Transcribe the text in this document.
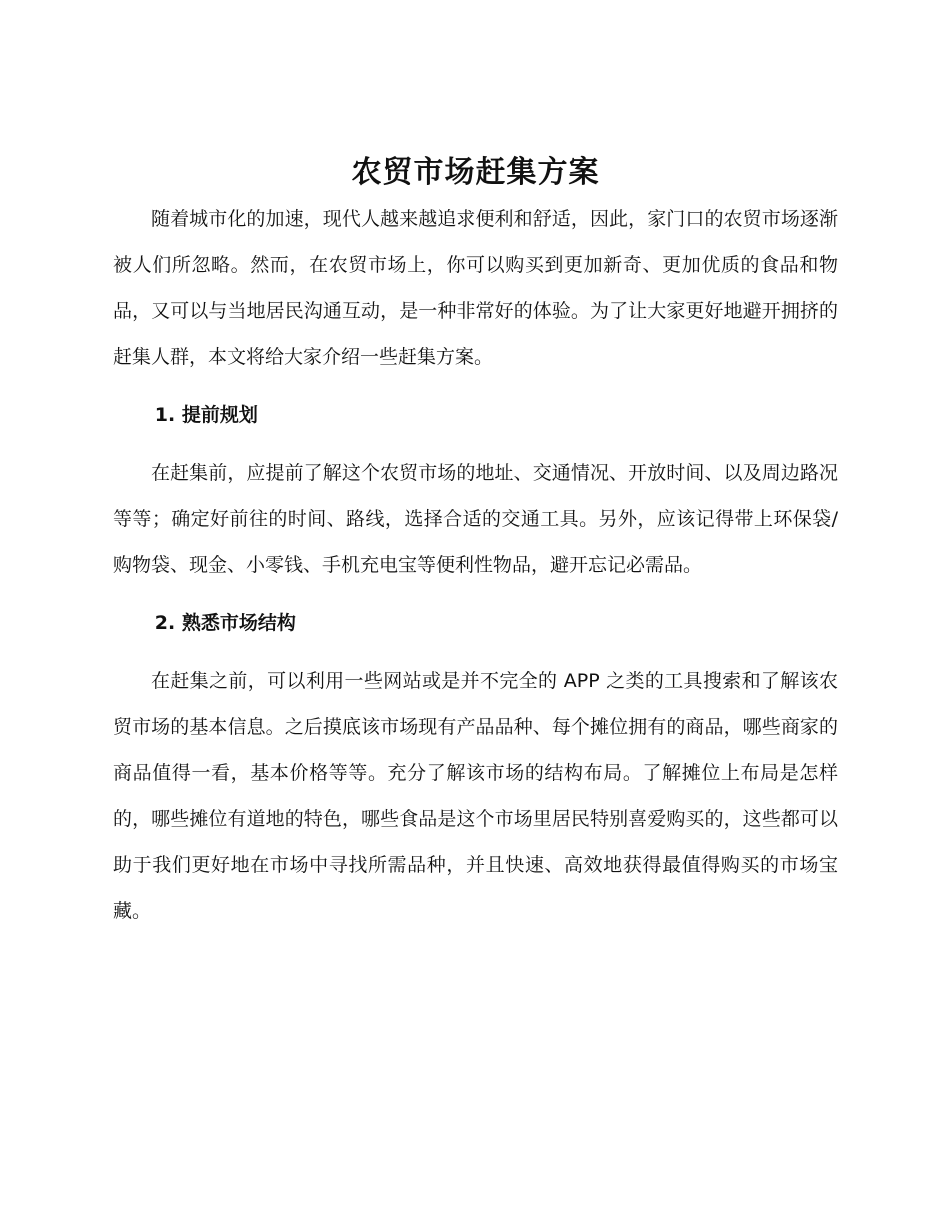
农贸市场赶集方案

随着城市化的加速，现代人越来越追求便利和舒适，因此，家门口的农贸市场逐渐被人们所忽略。然而，在农贸市场上，你可以购买到更加新奇、更加优质的食品和物品，又可以与当地居民沟通互动，是一种非常好的体验。为了让大家更好地避开拥挤的赶集人群，本文将给大家介绍一些赶集方案。

1. 提前规划

在赶集前，应提前了解这个农贸市场的地址、交通情况、开放时间、以及周边路况等等；确定好前往的时间、路线，选择合适的交通工具。另外，应该记得带上环保袋/购物袋、现金、小零钱、手机充电宝等便利性物品，避开忘记必需品。

2. 熟悉市场结构

在赶集之前，可以利用一些网站或是并不完全的 APP 之类的工具搜索和了解该农贸市场的基本信息。之后摸底该市场现有产品品种、每个摊位拥有的商品，哪些商家的商品值得一看，基本价格等等。充分了解该市场的结构布局。了解摊位上布局是怎样的，哪些摊位有道地的特色，哪些食品是这个市场里居民特别喜爱购买的，这些都可以助于我们更好地在市场中寻找所需品种，并且快速、高效地获得最值得购买的市场宝藏。
